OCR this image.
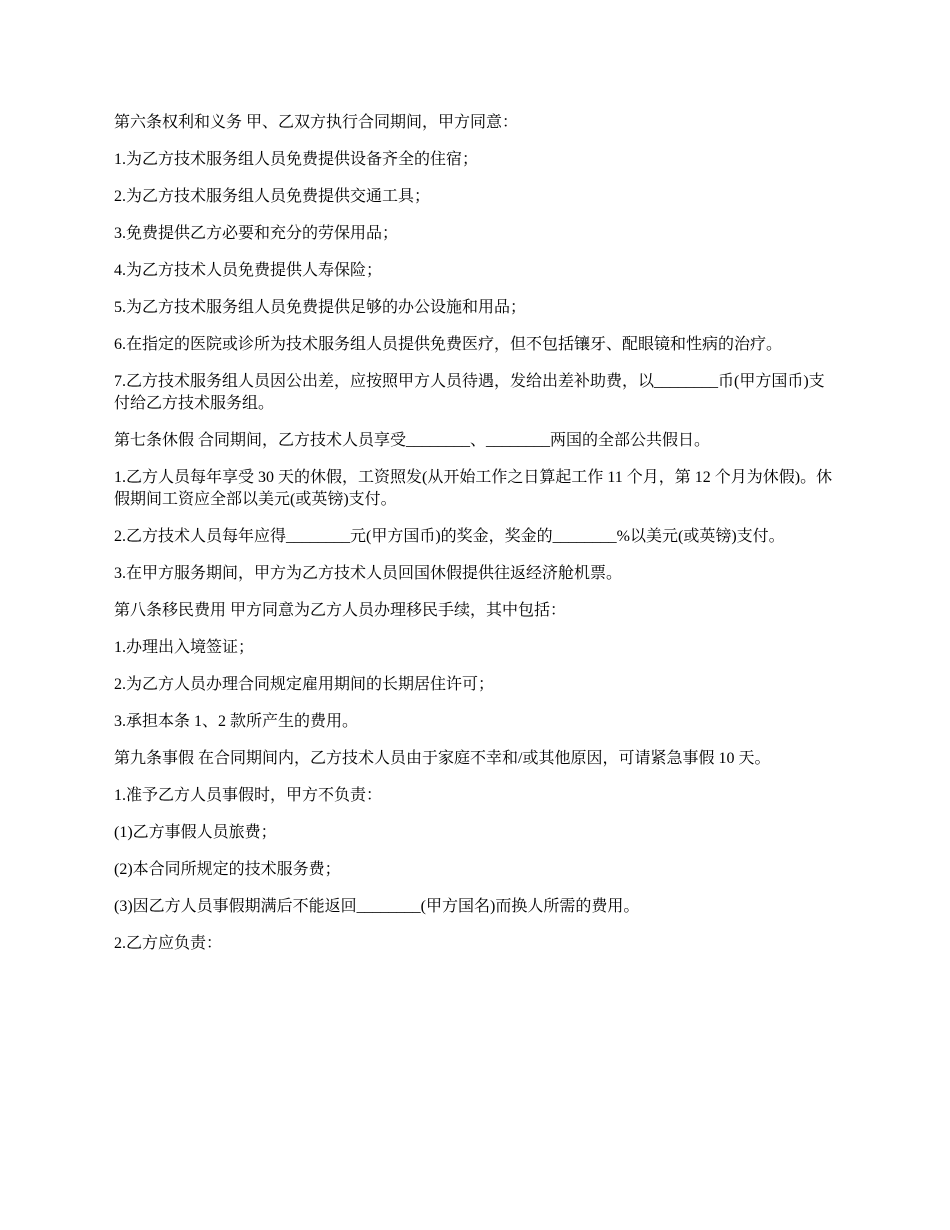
第六条权利和义务 甲、乙双方执行合同期间，甲方同意：

1.为乙方技术服务组人员免费提供设备齐全的住宿；

2.为乙方技术服务组人员免费提供交通工具；

3.免费提供乙方必要和充分的劳保用品；

4.为乙方技术人员免费提供人寿保险；

5.为乙方技术服务组人员免费提供足够的办公设施和用品；

6.在指定的医院或诊所为技术服务组人员提供免费医疗，但不包括镶牙、配眼镜和性病的治疗。

7.乙方技术服务组人员因公出差，应按照甲方人员待遇，发给出差补助费，以________币(甲方国币)支付给乙方技术服务组。

第七条休假 合同期间，乙方技术人员享受________、________两国的全部公共假日。

1.乙方人员每年享受 30 天的休假，工资照发(从开始工作之日算起工作 11 个月，第 12 个月为休假)。休假期间工资应全部以美元(或英镑)支付。

2.乙方技术人员每年应得________元(甲方国币)的奖金，奖金的________%以美元(或英镑)支付。

3.在甲方服务期间，甲方为乙方技术人员回国休假提供往返经济舱机票。

第八条移民费用 甲方同意为乙方人员办理移民手续，其中包括：

1.办理出入境签证；

2.为乙方人员办理合同规定雇用期间的长期居住许可；

3.承担本条 1、2 款所产生的费用。

第九条事假 在合同期间内，乙方技术人员由于家庭不幸和/或其他原因，可请紧急事假 10 天。

1.准予乙方人员事假时，甲方不负责：

(1)乙方事假人员旅费；

(2)本合同所规定的技术服务费；

(3)因乙方人员事假期满后不能返回________(甲方国名)而换人所需的费用。

2.乙方应负责：
